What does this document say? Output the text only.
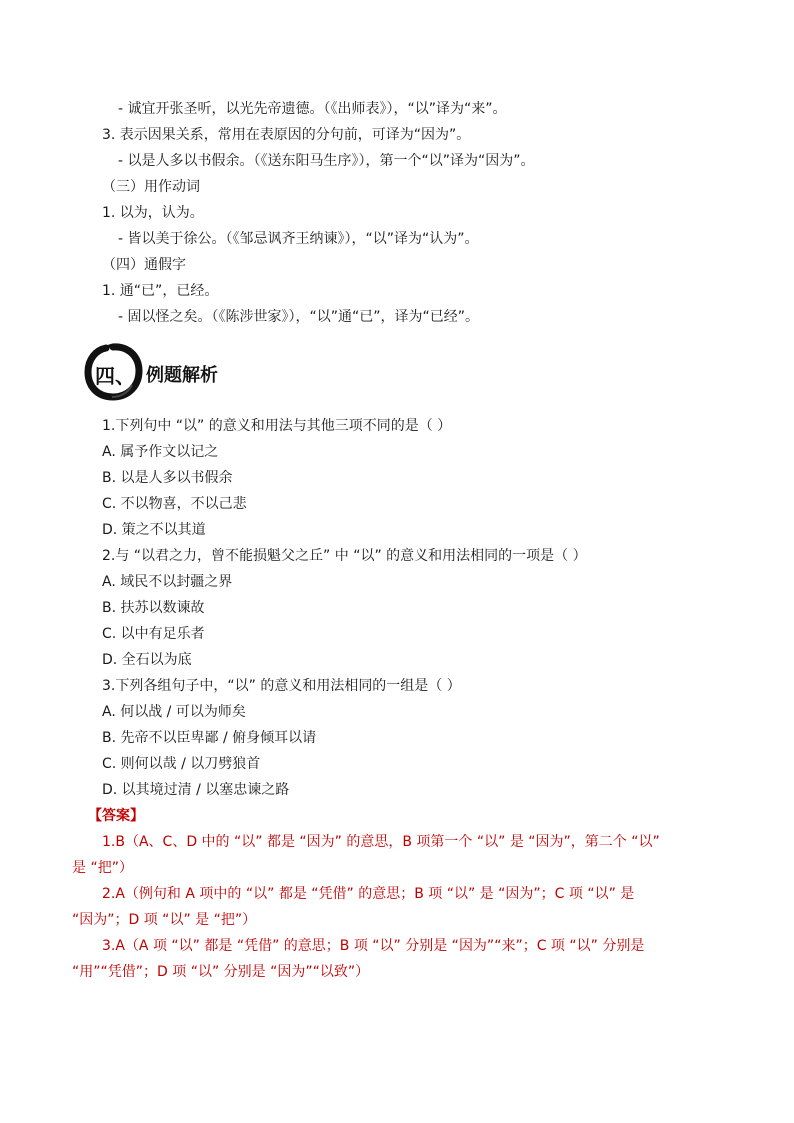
- 诚宜开张圣听，以光先帝遗德。（《出师表》），“以”译为“来”。
3. 表示因果关系，常用在表原因的分句前，可译为“因为”。
- 以是人多以书假余。（《送东阳马生序》），第一个“以”译为“因为”。
（三）用作动词
1. 以为，认为。
- 皆以美于徐公。（《邹忌讽齐王纳谏》），“以”译为“认为”。
（四）通假字
1. 通“已”，已经。
- 固以怪之矣。（《陈涉世家》），“以”通“已”，译为“已经”。
四、 例题解析
1.下列句中 “以” 的意义和用法与其他三项不同的是（ ）
A. 属予作文以记之
B. 以是人多以书假余
C. 不以物喜，不以己悲
D. 策之不以其道
2.与 “以君之力，曾不能损魁父之丘” 中 “以” 的意义和用法相同的一项是（ ）
A. 域民不以封疆之界
B. 扶苏以数谏故
C. 以中有足乐者
D. 全石以为底
3.下列各组句子中，“以” 的意义和用法相同的一组是（ ）
A. 何以战 / 可以为师矣
B. 先帝不以臣卑鄙 / 俯身倾耳以请
C. 则何以哉 / 以刀劈狼首
D. 以其境过清 / 以塞忠谏之路
【答案】
1.B（A、C、D 中的 “以” 都是 “因为” 的意思，B 项第一个 “以” 是 “因为”，第二个 “以”
是 “把”）
2.A（例句和 A 项中的 “以” 都是 “凭借” 的意思；B 项 “以” 是 “因为”；C 项 “以” 是
“因为”；D 项 “以” 是 “把”）
3.A（A 项 “以” 都是 “凭借” 的意思；B 项 “以” 分别是 “因为”“来”；C 项 “以” 分别是
“用”“凭借”；D 项 “以” 分别是 “因为”“以致”）
